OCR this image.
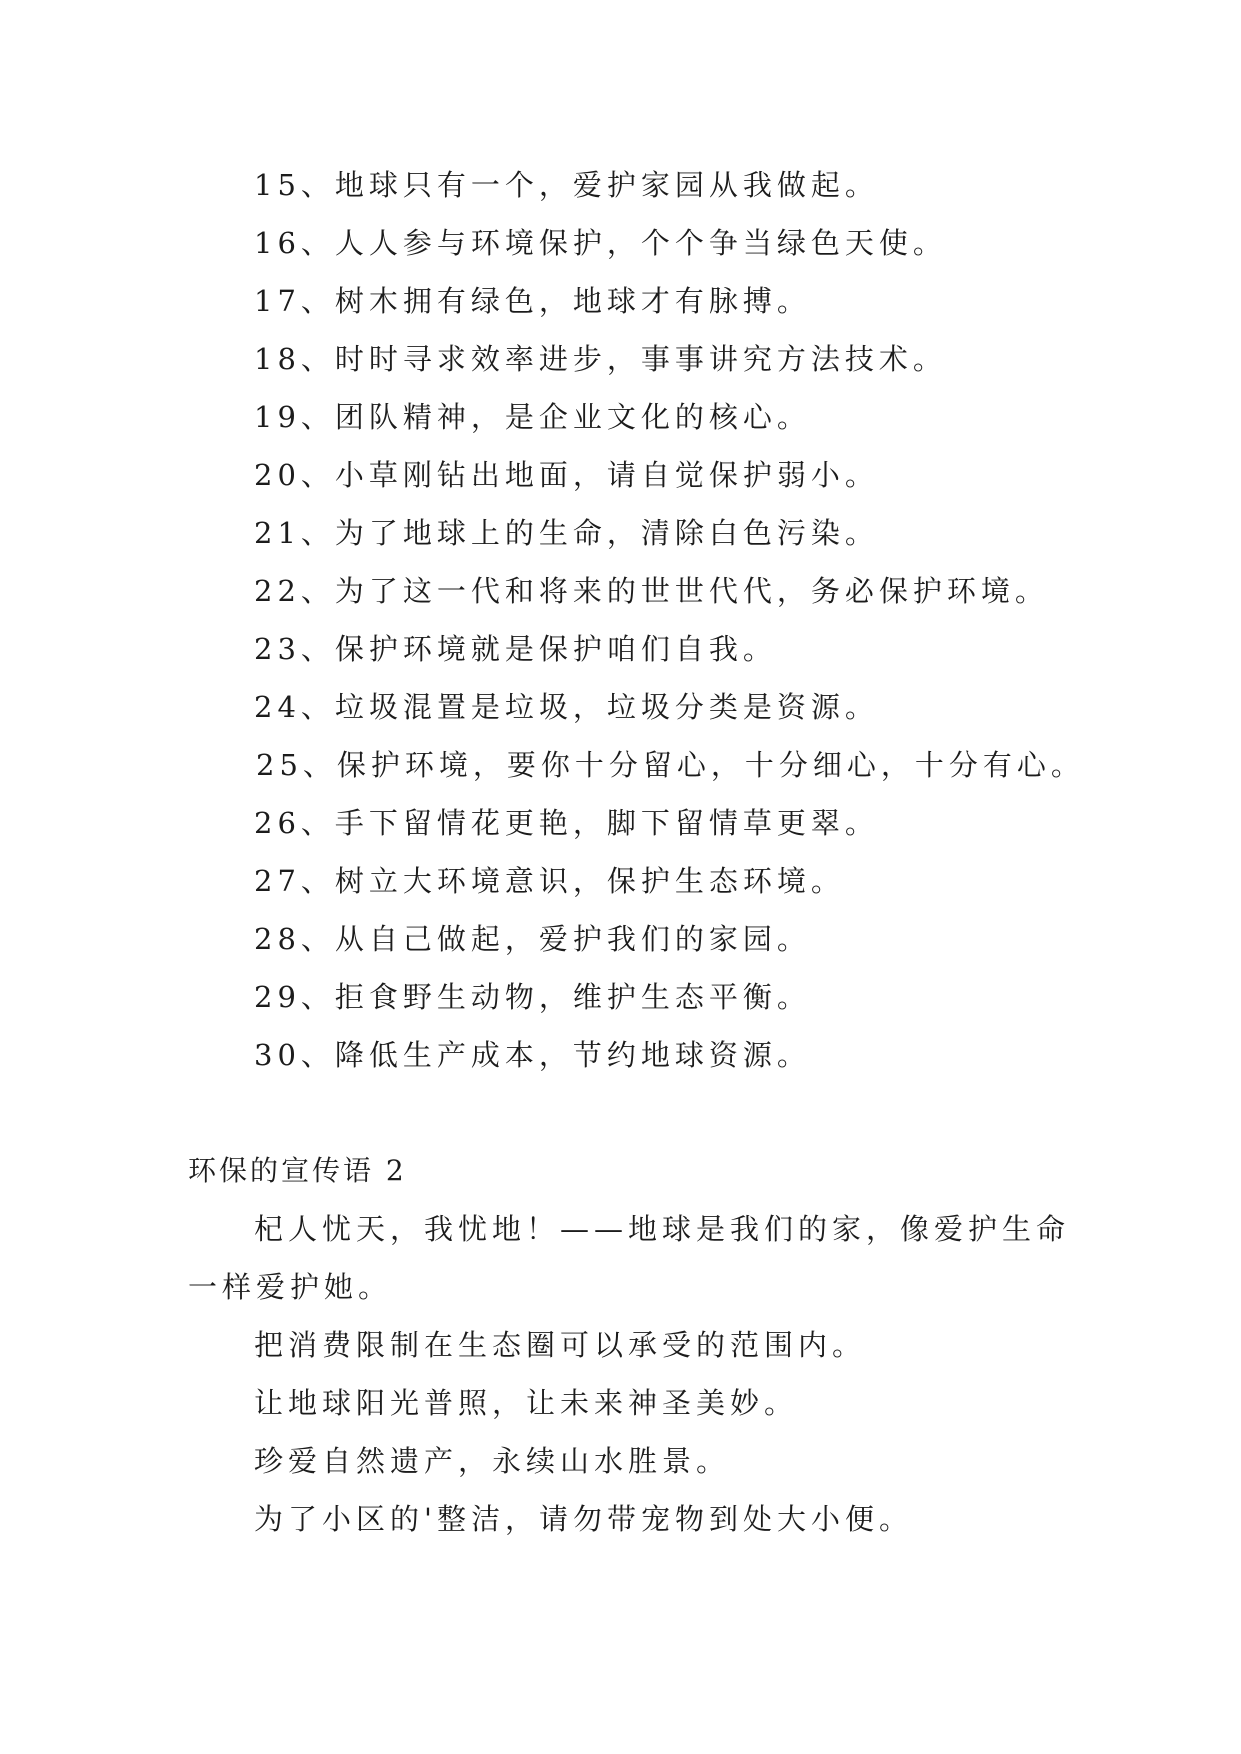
15、地球只有一个，爱护家园从我做起。
16、人人参与环境保护，个个争当绿色天使。
17、树木拥有绿色，地球才有脉搏。
18、时时寻求效率进步，事事讲究方法技术。
19、团队精神，是企业文化的核心。
20、小草刚钻出地面，请自觉保护弱小。
21、为了地球上的生命，清除白色污染。
22、为了这一代和将来的世世代代，务必保护环境。
23、保护环境就是保护咱们自我。
24、垃圾混置是垃圾，垃圾分类是资源。
25、保护环境，要你十分留心，十分细心，十分有心。
26、手下留情花更艳，脚下留情草更翠。
27、树立大环境意识，保护生态环境。
28、从自己做起，爱护我们的家园。
29、拒食野生动物，维护生态平衡。
30、降低生产成本，节约地球资源。
环保的宣传语 2
杞人忧天，我忧地！——地球是我们的家，像爱护生命
一样爱护她。
把消费限制在生态圈可以承受的范围内。
让地球阳光普照，让未来神圣美妙。
珍爱自然遗产，永续山水胜景。
为了小区的'整洁，请勿带宠物到处大小便。
